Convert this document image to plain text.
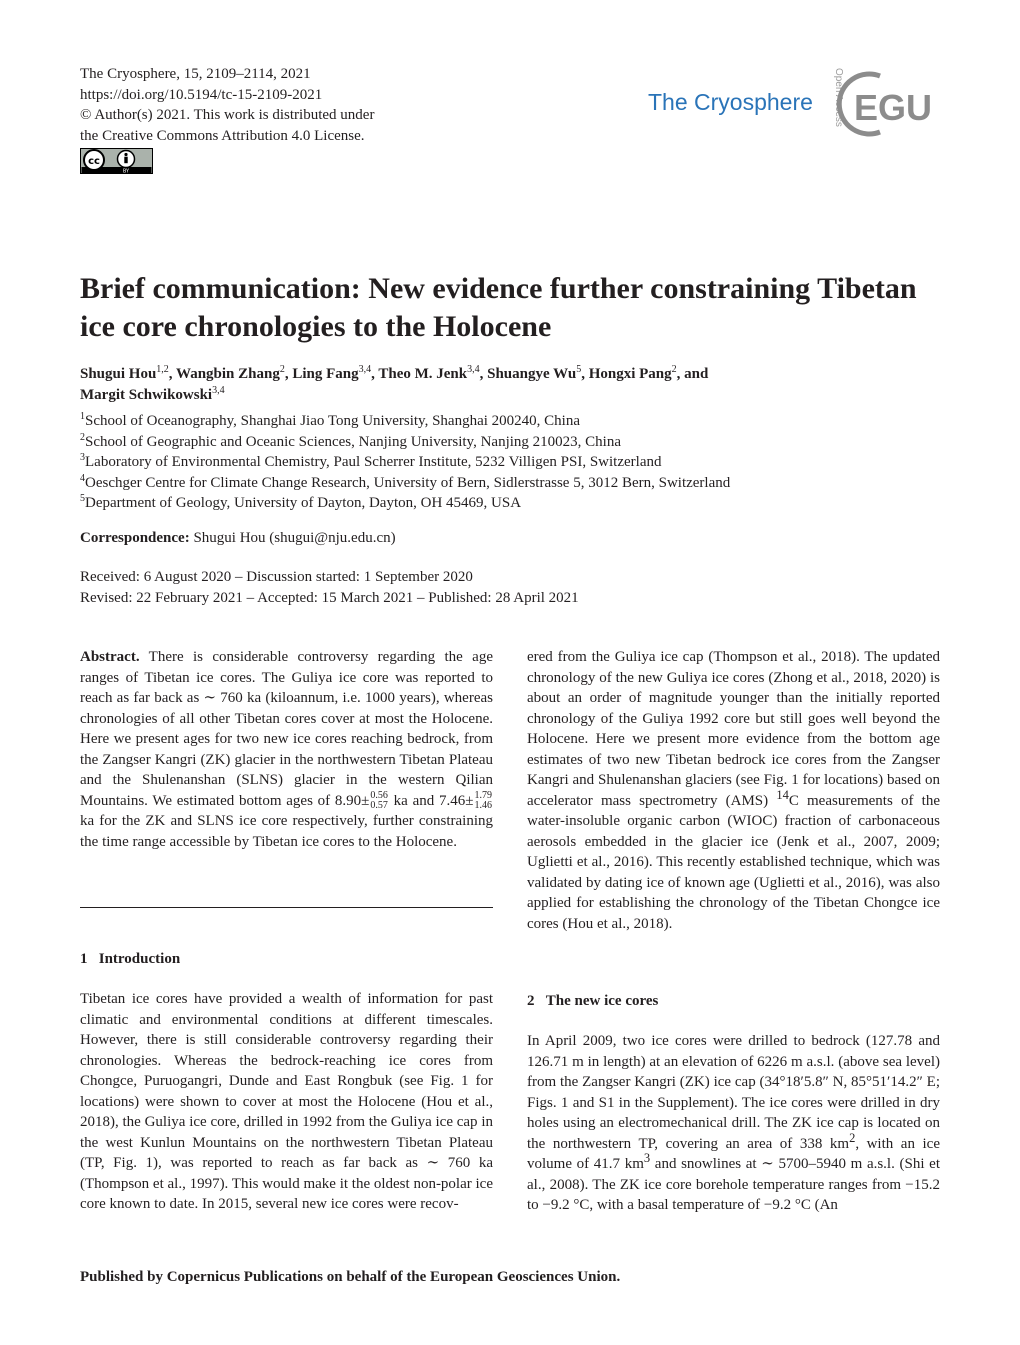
The Cryosphere, 15, 2109–2114, 2021
https://doi.org/10.5194/tc-15-2109-2021
© Author(s) 2021. This work is distributed under
the Creative Commons Attribution 4.0 License.
cc
BY
The Cryosphere Open Access EGU
Brief communication: New evidence further constraining Tibetan ice core chronologies to the Holocene
Shugui Hou$^{1,2}$, Wangbin Zhang$^2$, Ling Fang$^{3,4}$, Theo M. Jenk$^{3,4}$, Shuangye Wu$^5$, Hongxi Pang$^2$, and
Margit Schwikowski$^{3,4}$
$^1$School of Oceanography, Shanghai Jiao Tong University, Shanghai 200240, China
$^2$School of Geographic and Oceanic Sciences, Nanjing University, Nanjing 210023, China
$^3$Laboratory of Environmental Chemistry, Paul Scherrer Institute, 5232 Villigen PSI, Switzerland
$^4$Oeschger Centre for Climate Change Research, University of Bern, Sidlerstrasse 5, 3012 Bern, Switzerland
$^5$Department of Geology, University of Dayton, Dayton, OH 45469, USA
Correspondence: Shugui Hou (shugui@nju.edu.cn)
Received: 6 August 2020 – Discussion started: 1 September 2020
Revised: 22 February 2021 – Accepted: 15 March 2021 – Published: 28 April 2021

Abstract. There is considerable controversy regarding the age ranges of Tibetan ice cores. The Guliya ice core was reported to reach as far back as ∼ 760 ka (kiloannum, i.e. 1000 years), whereas chronologies of all other Tibetan cores cover at most the Holocene. Here we present ages for two new ice cores reaching bedrock, from the Zangser Kangri (ZK) glacier in the northwestern Tibetan Plateau and the Shulenanshan (SLNS) glacier in the western Qilian Mountains. We estimated bottom ages of 8.90± 0.56
0.57 ka and 7.46± 1.79
1.46
ka for the ZK and SLNS ice core respectively, further constraining the time range accessible by Tibetan ice cores to the Holocene.

1 Introduction

Tibetan ice cores have provided a wealth of information for past climatic and environmental conditions at different timescales. However, there is still considerable controversy regarding their chronologies. Whereas the bedrock-reaching ice cores from Chongce, Puruogangri, Dunde and East Rongbuk (see Fig. 1 for locations) were shown to cover at most the Holocene (Hou et al., 2018), the Guliya ice core, drilled in 1992 from the Guliya ice cap in the west Kunlun Mountains on the northwestern Tibetan Plateau (TP, Fig. 1), was reported to reach as far back as ∼ 760 ka (Thompson et al., 1997). This would make it the oldest non-polar ice core known to date. In 2015, several new ice cores were recov-

ered from the Guliya ice cap (Thompson et al., 2018). The updated chronology of the new Guliya ice cores (Zhong et al., 2018, 2020) is about an order of magnitude younger than the initially reported chronology of the Guliya 1992 core but still goes well beyond the Holocene. Here we present more evidence from the bottom age estimates of two new Tibetan bedrock ice cores from the Zangser Kangri and Shulenanshan glaciers (see Fig. 1 for locations) based on accelerator mass spectrometry (AMS) $^{14}$C measurements of the water-insoluble organic carbon (WIOC) fraction of carbonaceous aerosols embedded in the glacier ice (Jenk et al., 2007, 2009; Uglietti et al., 2016). This recently established technique, which was validated by dating ice of known age (Uglietti et al., 2016), was also applied for establishing the chronology of the Tibetan Chongce ice cores (Hou et al., 2018).

2 The new ice cores

In April 2009, two ice cores were drilled to bedrock (127.78 and 126.71 m in length) at an elevation of 6226 m a.s.l. (above sea level) from the Zangser Kangri (ZK) ice cap (34°18′5.8″ N, 85°51′14.2″ E; Figs. 1 and S1 in the Supplement). The ice cores were drilled in dry holes using an electromechanical drill. The ZK ice cap is located on the northwestern TP, covering an area of 338 $km^2$, with an ice volume of 41.7 $km^3$ and snowlines at ∼ 5700–5940 m a.s.l. (Shi et al., 2008). The ZK ice core borehole temperature ranges from −15.2 to −9.2 °C, with a basal temperature of −9.2 °C (An

Published by Copernicus Publications on behalf of the European Geosciences Union.
